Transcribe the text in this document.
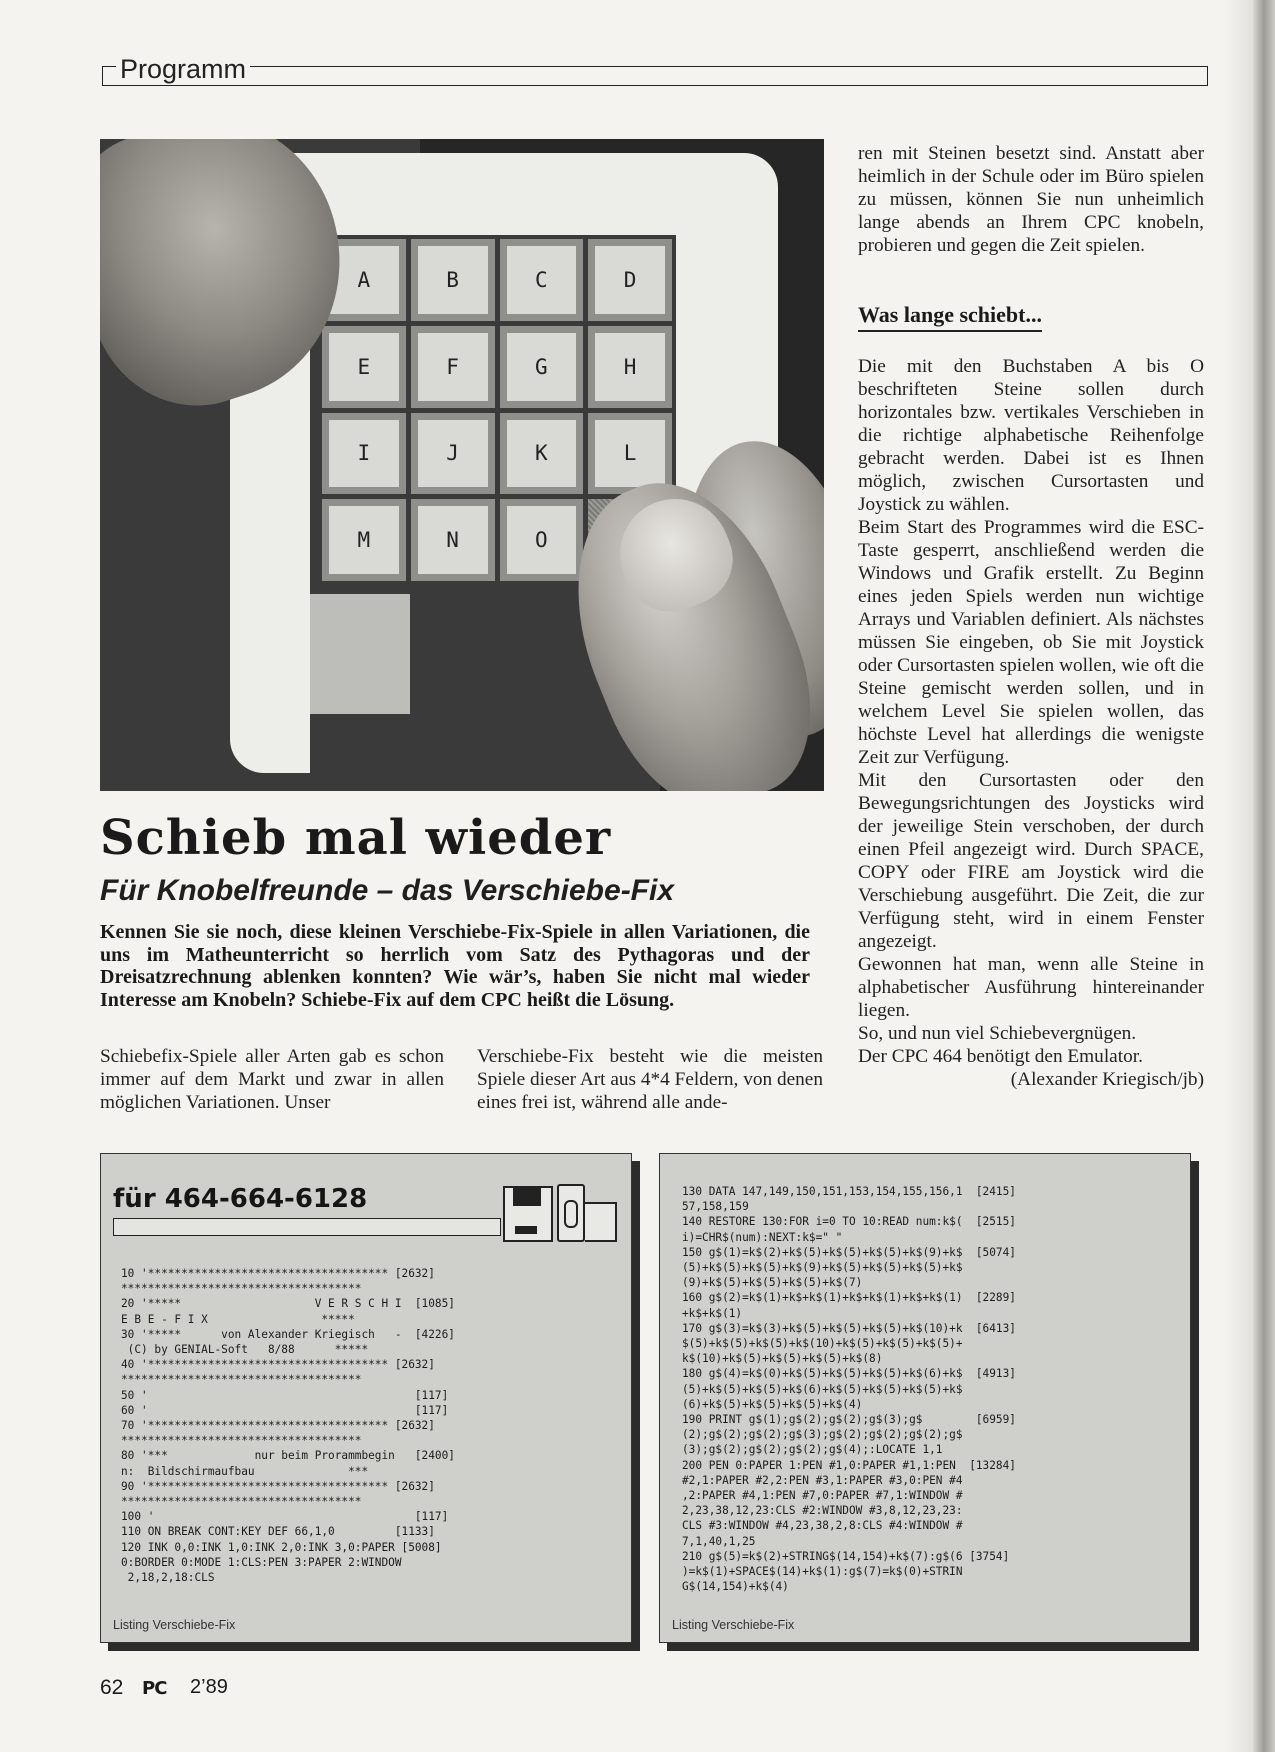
Programm
A	B	C	D
E	F	G	H
I	J	K	L
M	N	O
Schieb mal wieder
Für Knobelfreunde – das Verschiebe-Fix

Kennen Sie sie noch, diese kleinen Verschiebe-Fix-Spiele in allen Variationen, die uns im Matheunterricht so herrlich vom Satz des Pythagoras und der Dreisatzrechnung ablenken konnten? Wie wär’s, haben Sie nicht mal wieder Interesse am Knobeln? Schiebe-Fix auf dem CPC heißt die Lösung.

Schiebefix-Spiele aller Arten gab es schon immer auf dem Markt und zwar in allen möglichen Variationen. Unser

Verschiebe-Fix besteht wie die meisten Spiele dieser Art aus 4*4 Feldern, von denen eines frei ist, während alle ande-

ren mit Steinen besetzt sind. Anstatt aber heimlich in der Schule oder im Büro spielen zu müssen, können Sie nun unheimlich lange abends an Ihrem CPC knobeln, probieren und gegen die Zeit spielen.

Was lange schiebt...

Die mit den Buchstaben A bis O beschrifteten Steine sollen durch horizontales bzw. vertikales Verschieben in die richtige alphabetische Reihenfolge gebracht werden. Dabei ist es Ihnen möglich, zwischen Cursortasten und Joystick zu wählen.

Beim Start des Programmes wird die ESC-Taste gesperrt, anschließend werden die Windows und Grafik erstellt. Zu Beginn eines jeden Spiels werden nun wichtige Arrays und Variablen definiert. Als nächstes müssen Sie eingeben, ob Sie mit Joystick oder Cursortasten spielen wollen, wie oft die Steine gemischt werden sollen, und in welchem Level Sie spielen wollen, das höchste Level hat allerdings die wenigste Zeit zur Verfügung.

Mit den Cursortasten oder den Bewegungsrichtungen des Joysticks wird der jeweilige Stein verschoben, der durch einen Pfeil angezeigt wird. Durch SPACE, COPY oder FIRE am Joystick wird die Verschiebung ausgeführt. Die Zeit, die zur Verfügung steht, wird in einem Fenster angezeigt.

Gewonnen hat man, wenn alle Steine in alphabetischer Ausführung hintereinander liegen.

So, und nun viel Schiebevergnügen.

Der CPC 464 benötigt den Emulator.

(Alexander Kriegisch/jb)

für 464-664-6128
10 '************************************ [2632]
************************************
20 '*****                    V E R S C H I  [1085]
E B E - F I X                 *****
30 '*****      von Alexander Kriegisch   -  [4226]
(C) by GENIAL-Soft   8/88      *****
40 '************************************ [2632]
************************************
50 '                                        [117]
60 '                                        [117]
70 '************************************ [2632]
************************************
80 '***             nur beim Prorammbegin   [2400]
n:  Bildschirmaufbau              ***
90 '************************************ [2632]
************************************
100 '                                       [117]
110 ON BREAK CONT:KEY DEF 66,1,0         [1133]
120 INK 0,0:INK 1,0:INK 2,0:INK 3,0:PAPER [5008]
0:BORDER 0:MODE 1:CLS:PEN 3:PAPER 2:WINDOW
2,18,2,18:CLS
Listing Verschiebe-Fix
130 DATA 147,149,150,151,153,154,155,156,1  [2415]
57,158,159
140 RESTORE 130:FOR i=0 TO 10:READ num:k$(  [2515]
i)=CHR$(num):NEXT:k$=" "
150 g$(1)=k$(2)+k$(5)+k$(5)+k$(5)+k$(9)+k$  [5074]
(5)+k$(5)+k$(5)+k$(9)+k$(5)+k$(5)+k$(5)+k$
(9)+k$(5)+k$(5)+k$(5)+k$(7)
160 g$(2)=k$(1)+k$+k$(1)+k$+k$(1)+k$+k$(1)  [2289]
+k$+k$(1)
170 g$(3)=k$(3)+k$(5)+k$(5)+k$(5)+k$(10)+k  [6413]
$(5)+k$(5)+k$(5)+k$(10)+k$(5)+k$(5)+k$(5)+
k$(10)+k$(5)+k$(5)+k$(5)+k$(8)
180 g$(4)=k$(0)+k$(5)+k$(5)+k$(5)+k$(6)+k$  [4913]
(5)+k$(5)+k$(5)+k$(6)+k$(5)+k$(5)+k$(5)+k$
(6)+k$(5)+k$(5)+k$(5)+k$(4)
190 PRINT g$(1);g$(2);g$(2);g$(3);g$        [6959]
(2);g$(2);g$(2);g$(3);g$(2);g$(2);g$(2);g$
(3);g$(2);g$(2);g$(2);g$(4);:LOCATE 1,1
200 PEN 0:PAPER 1:PEN #1,0:PAPER #1,1:PEN  [13284]
#2,1:PAPER #2,2:PEN #3,1:PAPER #3,0:PEN #4
,2:PAPER #4,1:PEN #7,0:PAPER #7,1:WINDOW #
2,23,38,12,23:CLS #2:WINDOW #3,8,12,23,23:
CLS #3:WINDOW #4,23,38,2,8:CLS #4:WINDOW #
7,1,40,1,25
210 g$(5)=k$(2)+STRING$(14,154)+k$(7):g$(6 [3754]
)=k$(1)+SPACE$(14)+k$(1):g$(7)=k$(0)+STRIN
G$(14,154)+k$(4)
Listing Verschiebe-Fix
62 PC 2’89
